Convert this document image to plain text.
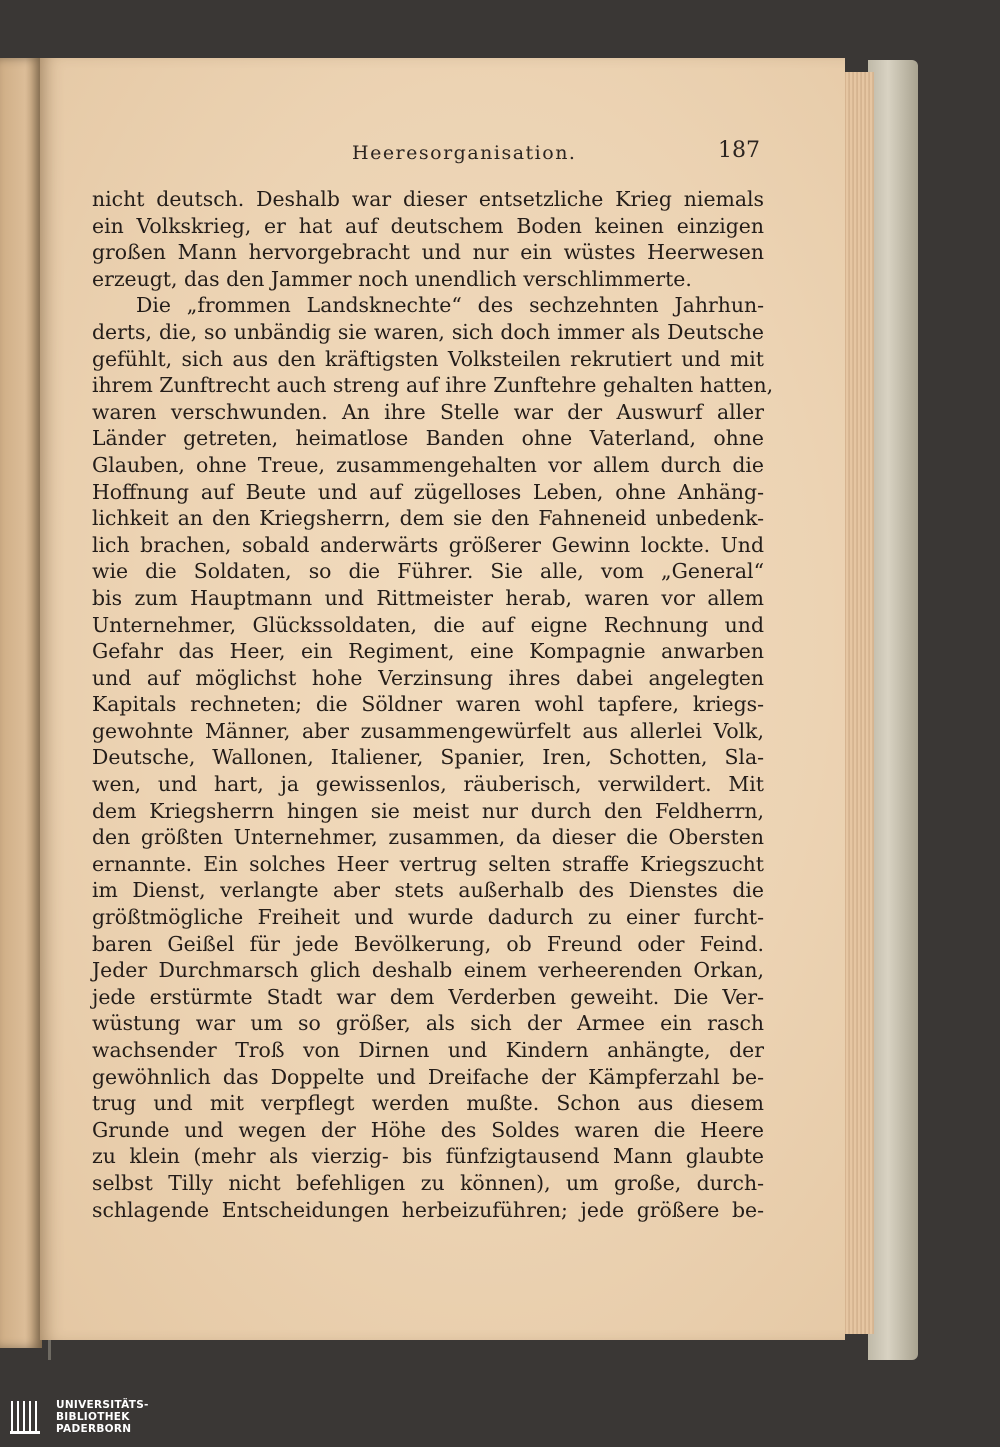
Heeresorganisation.	187
nicht deutsch. Deshalb war dieser entsetzliche Krieg niemals
ein Volkskrieg, er hat auf deutschem Boden keinen einzigen
großen Mann hervorgebracht und nur ein wüstes Heerwesen
erzeugt, das den Jammer noch unendlich verschlimmerte.
Die „frommen Landsknechte“ des sechzehnten Jahrhun-
derts, die, so unbändig sie waren, sich doch immer als Deutsche
gefühlt, sich aus den kräftigsten Volksteilen rekrutiert und mit
ihrem Zunftrecht auch streng auf ihre Zunftehre gehalten hatten,
waren verschwunden. An ihre Stelle war der Auswurf aller
Länder getreten, heimatlose Banden ohne Vaterland, ohne
Glauben, ohne Treue, zusammengehalten vor allem durch die
Hoffnung auf Beute und auf zügelloses Leben, ohne Anhäng-
lichkeit an den Kriegsherrn, dem sie den Fahneneid unbedenk-
lich brachen, sobald anderwärts größerer Gewinn lockte. Und
wie die Soldaten, so die Führer. Sie alle, vom „General“
bis zum Hauptmann und Rittmeister herab, waren vor allem
Unternehmer, Glückssoldaten, die auf eigne Rechnung und
Gefahr das Heer, ein Regiment, eine Kompagnie anwarben
und auf möglichst hohe Verzinsung ihres dabei angelegten
Kapitals rechneten; die Söldner waren wohl tapfere, kriegs-
gewohnte Männer, aber zusammengewürfelt aus allerlei Volk,
Deutsche, Wallonen, Italiener, Spanier, Iren, Schotten, Sla-
wen, und hart, ja gewissenlos, räuberisch, verwildert. Mit
dem Kriegsherrn hingen sie meist nur durch den Feldherrn,
den größten Unternehmer, zusammen, da dieser die Obersten
ernannte. Ein solches Heer vertrug selten straffe Kriegszucht
im Dienst, verlangte aber stets außerhalb des Dienstes die
größtmögliche Freiheit und wurde dadurch zu einer furcht-
baren Geißel für jede Bevölkerung, ob Freund oder Feind.
Jeder Durchmarsch glich deshalb einem verheerenden Orkan,
jede erstürmte Stadt war dem Verderben geweiht. Die Ver-
wüstung war um so größer, als sich der Armee ein rasch
wachsender Troß von Dirnen und Kindern anhängte, der
gewöhnlich das Doppelte und Dreifache der Kämpferzahl be-
trug und mit verpflegt werden mußte. Schon aus diesem
Grunde und wegen der Höhe des Soldes waren die Heere
zu klein (mehr als vierzig- bis fünfzigtausend Mann glaubte
selbst Tilly nicht befehligen zu können), um große, durch-
schlagende Entscheidungen herbeizuführen; jede größere be-
UNIVERSITÄTS-
BIBLIOTHEK
PADERBORN
